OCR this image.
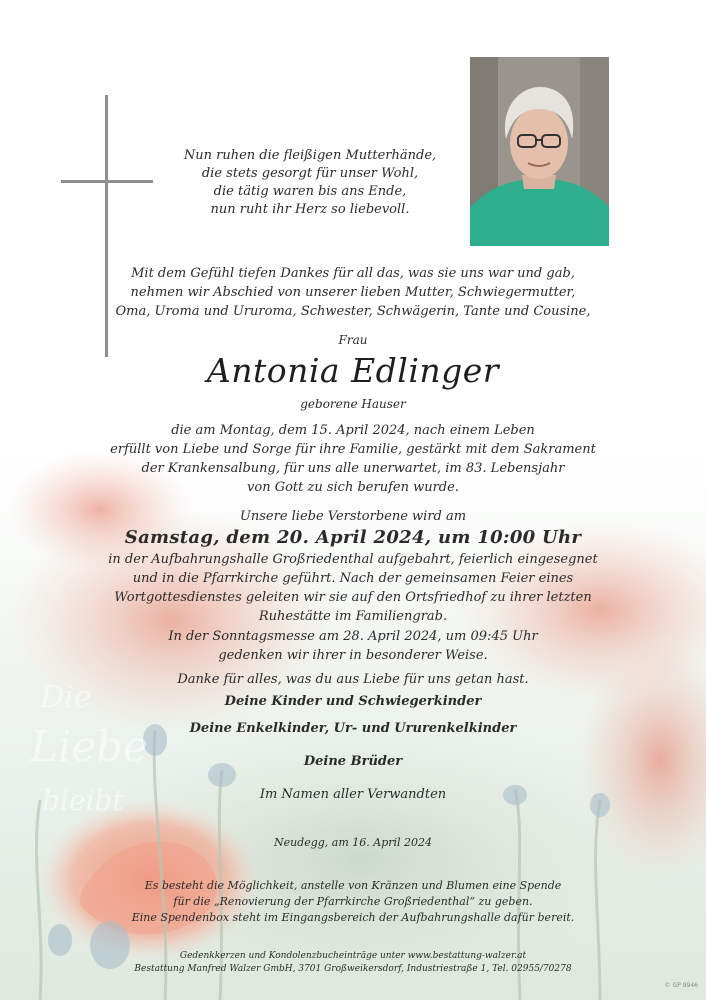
Die
Liebe
bleibt
Nun ruhen die fleißigen Mutterhände,
die stets gesorgt für unser Wohl,
die tätig waren bis ans Ende,
nun ruht ihr Herz so liebevoll.
Mit dem Gefühl tiefen Dankes für all das, was sie uns war und gab,
nehmen wir Abschied von unserer lieben Mutter, Schwiegermutter,
Oma, Uroma und Ururoma, Schwester, Schwägerin, Tante und Cousine,
Frau
Antonia Edlinger
geborene Hauser
die am Montag, dem 15. April 2024, nach einem Leben
erfüllt von Liebe und Sorge für ihre Familie, gestärkt mit dem Sakrament
der Krankensalbung, für uns alle unerwartet, im 83. Lebensjahr
von Gott zu sich berufen wurde.
Unsere liebe Verstorbene wird am
Samstag, dem 20. April 2024, um 10:00 Uhr
in der Aufbahrungshalle Großriedenthal aufgebahrt, feierlich eingesegnet
und in die Pfarrkirche geführt. Nach der gemeinsamen Feier eines
Wortgottesdienstes geleiten wir sie auf den Ortsfriedhof zu ihrer letzten
Ruhestätte im Familiengrab.
In der Sonntagsmesse am 28. April 2024, um 09:45 Uhr
gedenken wir ihrer in besonderer Weise.
Danke für alles, was du aus Liebe für uns getan hast.
Deine Kinder und Schwiegerkinder
Deine Enkelkinder, Ur- und Ururenkelkinder
Deine Brüder
Im Namen aller Verwandten
Neudegg, am 16. April 2024
Es besteht die Möglichkeit, anstelle von Kränzen und Blumen eine Spende
für die „Renovierung der Pfarrkirche Großriedenthal“ zu geben.
Eine Spendenbox steht im Eingangsbereich der Aufbahrungshalle dafür bereit.
Gedenkkerzen und Kondolenzbucheinträge unter www.bestattung-walzer.at
Bestattung Manfred Walzer GmbH, 3701 Großweikersdorf, Industriestraße 1, Tel. 02955/70278
© GP 9946
